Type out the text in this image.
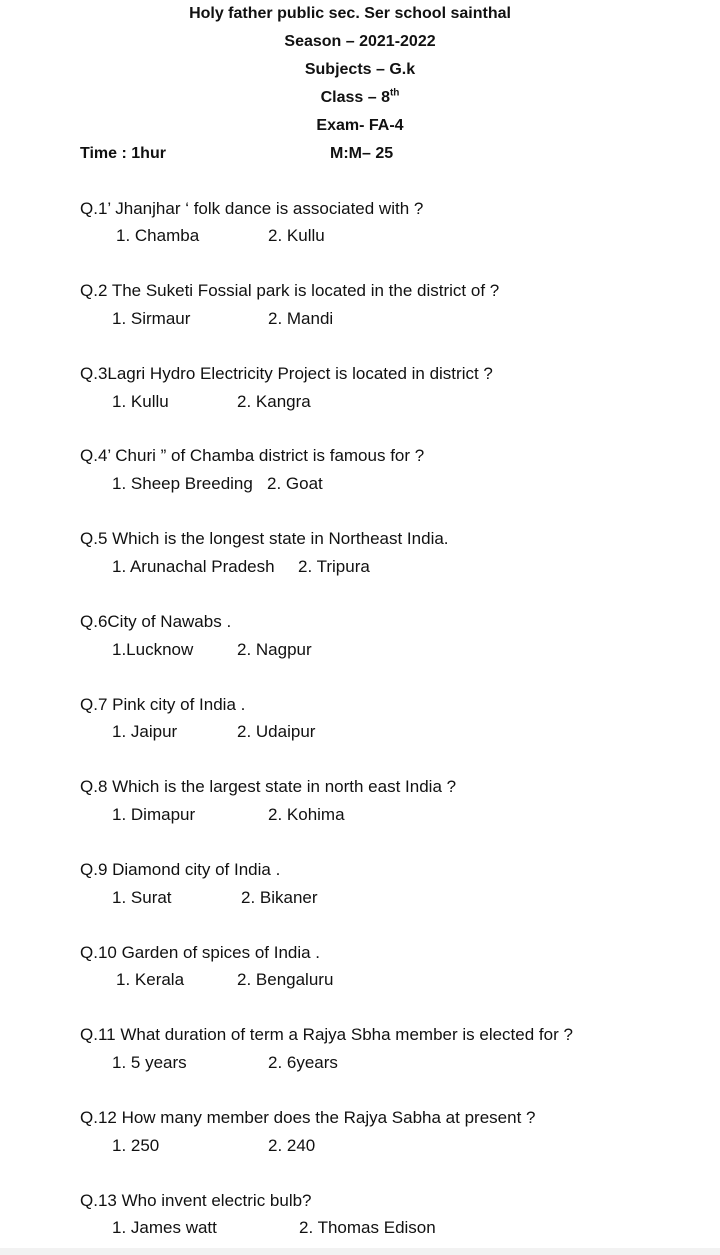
Holy father public sec. Ser school sainthal
Season – 2021-2022
Subjects – G.k
Class – 8th
Exam- FA-4
Time : 1hur	M:M– 25
Q.1’ Jhanjhar ‘ folk dance is associated with ?
1. Chamba	2. Kullu
Q.2 The Suketi Fossial park is located in the district of ?
1. Sirmaur	2. Mandi
Q.3Lagri Hydro Electricity Project is located in district ?
1. Kullu	2. Kangra
Q.4’ Churi ” of Chamba district is famous for ?
1. Sheep Breeding 2. Goat
Q.5 Which is the longest state in Northeast India.
1. Arunachal Pradesh 2. Tripura
Q.6City of Nawabs .
1.Lucknow	2. Nagpur
Q.7 Pink city of India .
1. Jaipur	2. Udaipur
Q.8 Which is the largest state in north east India ?
1. Dimapur	2. Kohima
Q.9 Diamond city of India .
1. Surat	2. Bikaner
Q.10 Garden of spices of India .
1. Kerala	2. Bengaluru
Q.11 What duration of term a Rajya Sbha member is elected for ?
1. 5 years	2. 6years
Q.12 How many member does the Rajya Sabha at present ?
1. 250	2. 240
Q.13 Who invent electric bulb?
1. James watt	2. Thomas Edison
